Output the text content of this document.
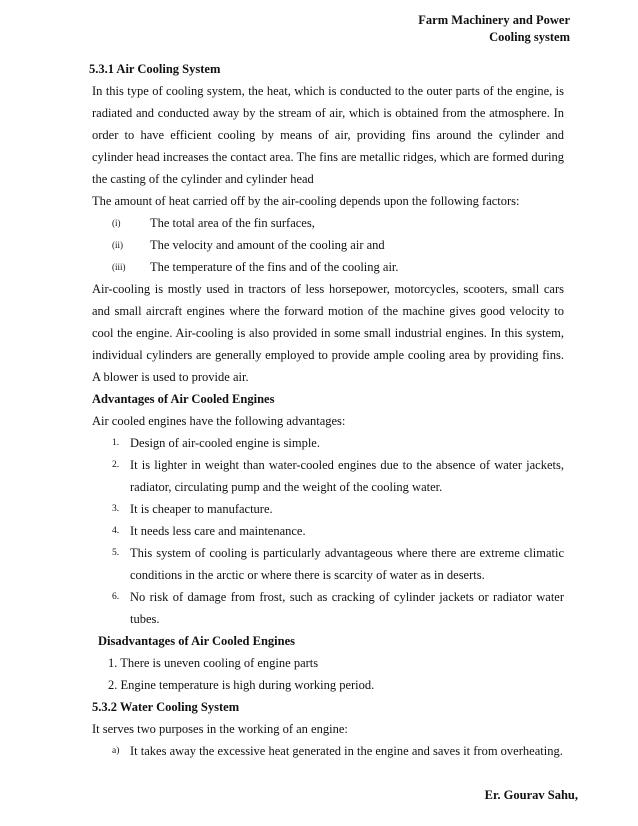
Farm Machinery and Power
Cooling system
5.3.1 Air Cooling System

In this type of cooling system, the heat, which is conducted to the outer parts of the engine, is radiated and conducted away by the stream of air, which is obtained from the atmosphere. In order to have efficient cooling by means of air, providing fins around the cylinder and cylinder head increases the contact area. The fins are metallic ridges, which are formed during the casting of the cylinder and cylinder head

The amount of heat carried off by the air-cooling depends upon the following factors:

(i) The total area of the fin surfaces,
(ii) The velocity and amount of the cooling air and
(iii) The temperature of the fins and of the cooling air.

Air-cooling is mostly used in tractors of less horsepower, motorcycles, scooters, small cars and small aircraft engines where the forward motion of the machine gives good velocity to cool the engine. Air-cooling is also provided in some small industrial engines. In this system, individual cylinders are generally employed to provide ample cooling area by providing fins. A blower is used to provide air.

Advantages of Air Cooled Engines

Air cooled engines have the following advantages:

1. Design of air-cooled engine is simple.
2. It is lighter in weight than water-cooled engines due to the absence of water jackets, radiator, circulating pump and the weight of the cooling water.
3. It is cheaper to manufacture.
4. It needs less care and maintenance.
5. This system of cooling is particularly advantageous where there are extreme climatic conditions in the arctic or where there is scarcity of water as in deserts.
6. No risk of damage from frost, such as cracking of cylinder jackets or radiator water tubes.
Disadvantages of Air Cooled Engines
1. There is uneven cooling of engine parts
2. Engine temperature is high during working period.
5.3.2 Water Cooling System

It serves two purposes in the working of an engine:

a) It takes away the excessive heat generated in the engine and saves it from overheating.
Er. Gourav Sahu,
